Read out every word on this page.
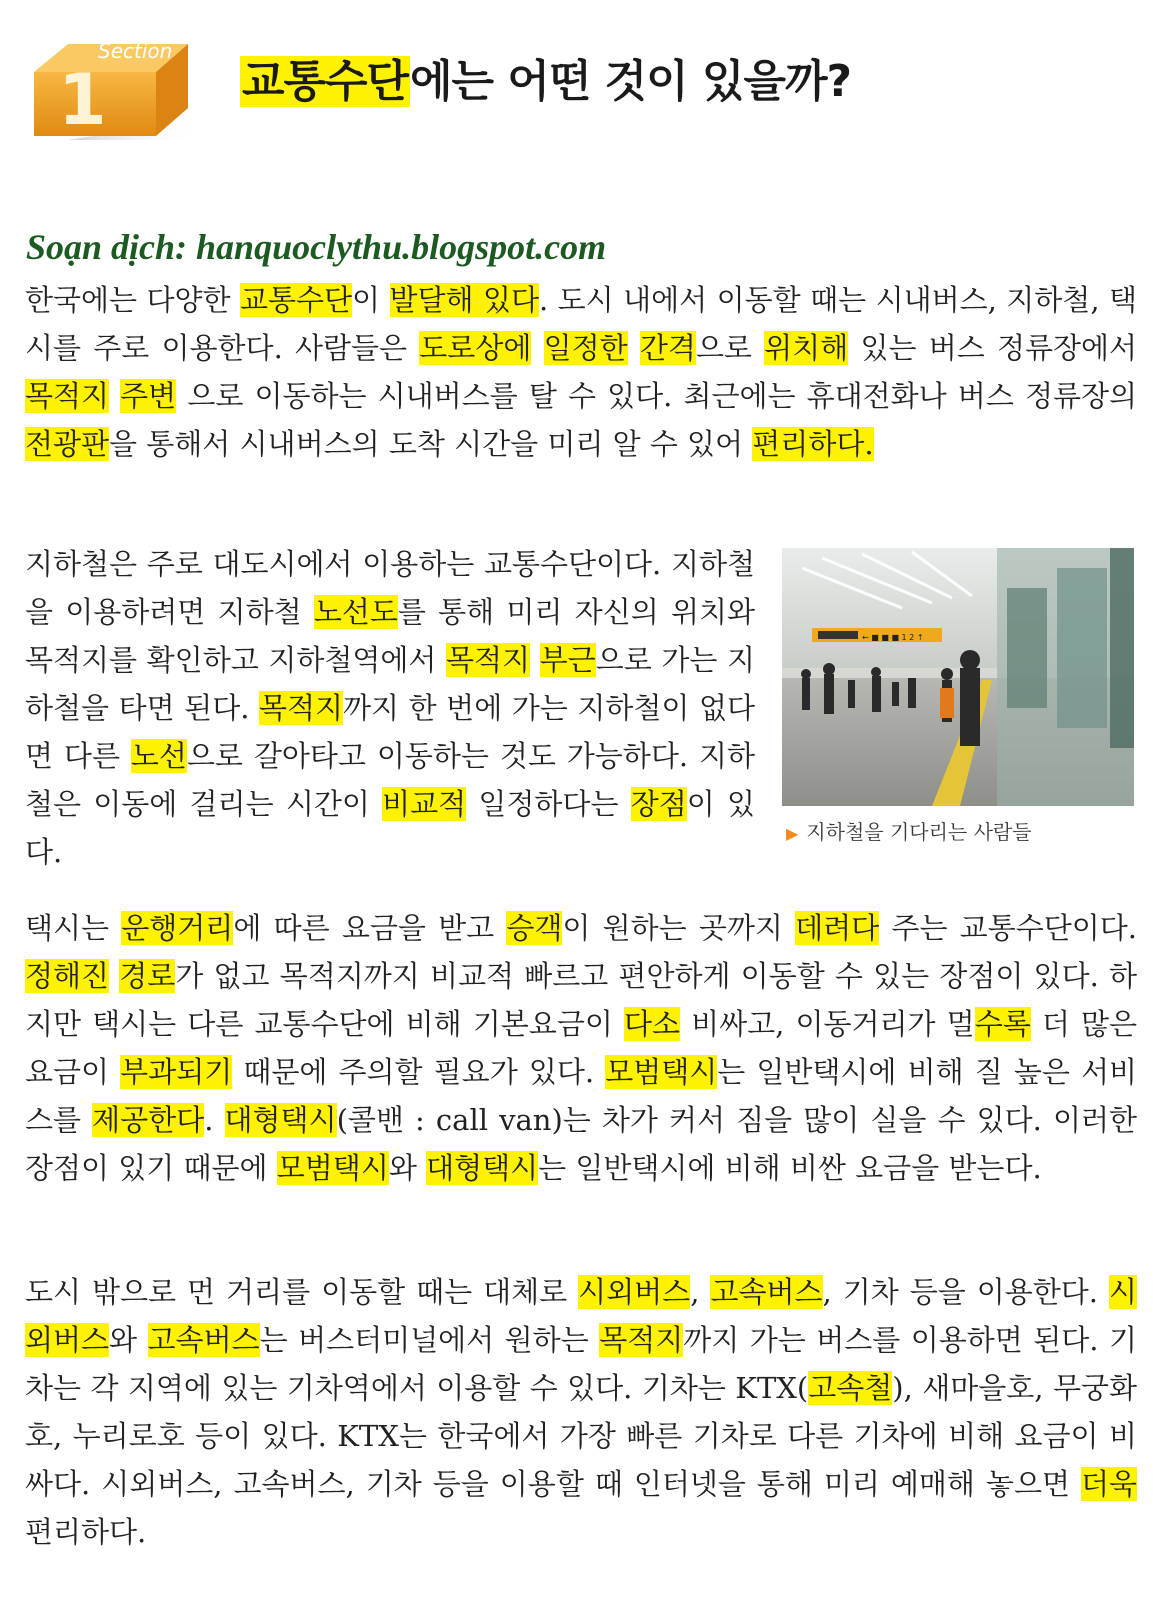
Section
1	교통수단에는 어떤 것이 있을까?

Soạn dịch: hanquoclythu.blogspot.com

한국에는 다양한 교통수단이 발달해 있다. 도시 내에서 이동할 때는 시내버스, 지하철, 택시를 주로 이용한다. 사람들은 도로상에 일정한 간격으로 위치해 있는 버스 정류장에서 목적지 주변 으로 이동하는 시내버스를 탈 수 있다. 최근에는 휴대전화나 버스 정류장의 전광판을 통해서 시내버스의 도착 시간을 미리 알 수 있어 편리하다.

지하철은 주로 대도시에서 이용하는 교통수단이다. 지하철을 이용하려면 지하철 노선도를 통해 미리 자신의 위치와 목적지를 확인하고 지하철역에서 목적지 부근으로 가는 지하철을 타면 된다. 목적지까지 한 번에 가는 지하철이 없다면 다른 노선으로 갈아타고 이동하는 것도 가능하다. 지하철은 이동에 걸리는 시간이 비교적 일정하다는 장점이 있다.

← ■ ■ ■ 1 2 ↑
▶ 지하철을 기다리는 사람들

택시는 운행거리에 따른 요금을 받고 승객이 원하는 곳까지 데려다 주는 교통수단이다. 정해진 경로가 없고 목적지까지 비교적 빠르고 편안하게 이동할 수 있는 장점이 있다. 하지만 택시는 다른 교통수단에 비해 기본요금이 다소 비싸고, 이동거리가 멀수록 더 많은 요금이 부과되기 때문에 주의할 필요가 있다. 모범택시는 일반택시에 비해 질 높은 서비스를 제공한다. 대형택시(콜밴 : call van)는 차가 커서 짐을 많이 실을 수 있다. 이러한 장점이 있기 때문에 모범택시와 대형택시는 일반택시에 비해 비싼 요금을 받는다.

도시 밖으로 먼 거리를 이동할 때는 대체로 시외버스, 고속버스, 기차 등을 이용한다. 시외버스와 고속버스는 버스터미널에서 원하는 목적지까지 가는 버스를 이용하면 된다. 기차는 각 지역에 있는 기차역에서 이용할 수 있다. 기차는 KTX(고속철), 새마을호, 무궁화호, 누리로호 등이 있다. KTX는 한국에서 가장 빠른 기차로 다른 기차에 비해 요금이 비싸다. 시외버스, 고속버스, 기차 등을 이용할 때 인터넷을 통해 미리 예매해 놓으면 더욱 편리하다.
